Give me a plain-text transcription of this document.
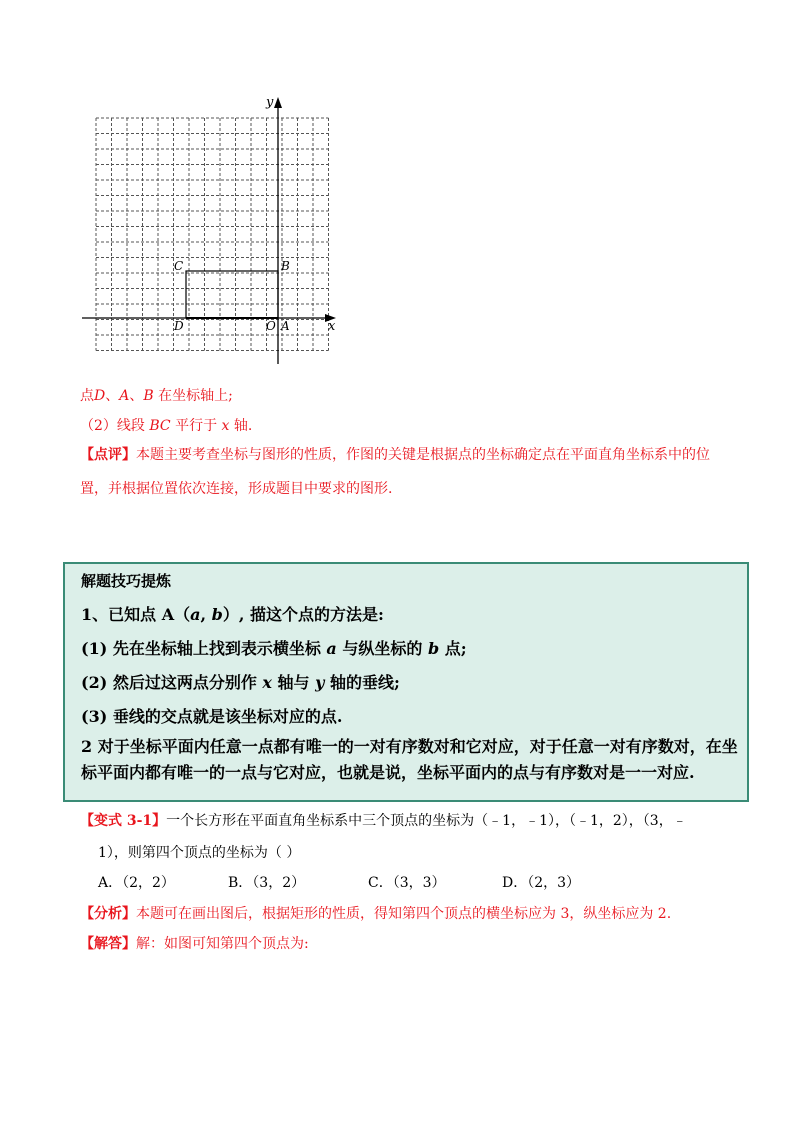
y
x
C	B
D	O A
点D、A、B 在坐标轴上;
（2）线段 BC 平行于 x 轴.
【点评】本题主要考查坐标与图形的性质，作图的关键是根据点的坐标确定点在平面直角坐标系中的位
置，并根据位置依次连接，形成题目中要求的图形.
解题技巧提炼
1、已知点 A（a, b）, 描这个点的方法是:
(1) 先在坐标轴上找到表示横坐标 a 与纵坐标的 b 点;
(2) 然后过这两点分别作 x 轴与 y 轴的垂线;
(3) 垂线的交点就是该坐标对应的点.
2 对于坐标平面内任意一点都有唯一的一对有序数对和它对应，对于任意一对有序数对，在坐标平面内都有唯一的一点与它对应，也就是说，坐标平面内的点与有序数对是一一对应.
【变式 3-1】一个长方形在平面直角坐标系中三个顶点的坐标为（﹣1，﹣1），（﹣1，2），（3，﹣
1），则第四个顶点的坐标为（ ）
A．（2，2）	B．（3，2）	C．（3，3）	D．（2，3）
【分析】本题可在画出图后，根据矩形的性质，得知第四个顶点的横坐标应为 3，纵坐标应为 2.
【解答】解：如图可知第四个顶点为:
